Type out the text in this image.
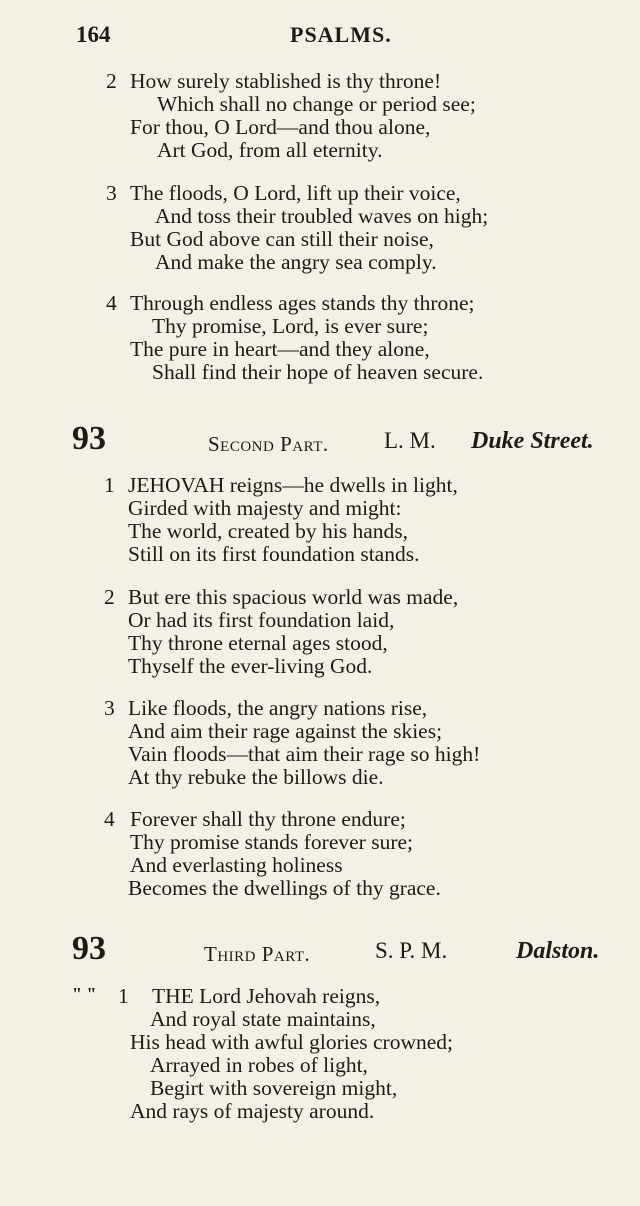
164	PSALMS.
2 How surely stablished is thy throne!
Which shall no change or period see;
For thou, O Lord—and thou alone,
Art God, from all eternity.
3 The floods, O Lord, lift up their voice,
And toss their troubled waves on high;
But God above can still their noise,
And make the angry sea comply.
4 Through endless ages stands thy throne;
Thy promise, Lord, is ever sure;
The pure in heart—and they alone,
Shall find their hope of heaven secure.
93	Second Part. L. M. Duke Street.
1 JEHOVAH reigns—he dwells in light,
Girded with majesty and might:
The world, created by his hands,
Still on its first foundation stands.
2 But ere this spacious world was made,
Or had its first foundation laid,
Thy throne eternal ages stood,
Thyself the ever-living God.
3 Like floods, the angry nations rise,
And aim their rage against the skies;
Vain floods—that aim their rage so high!
At thy rebuke the billows die.
4 Forever shall thy throne endure;
Thy promise stands forever sure;
And everlasting holiness
Becomes the dwellings of thy grace.
93	Third Part.	S. P. M.	Dalston.
" " 1 THE Lord Jehovah reigns,
And royal state maintains,
His head with awful glories crowned;
Arrayed in robes of light,
Begirt with sovereign might,
And rays of majesty around.
